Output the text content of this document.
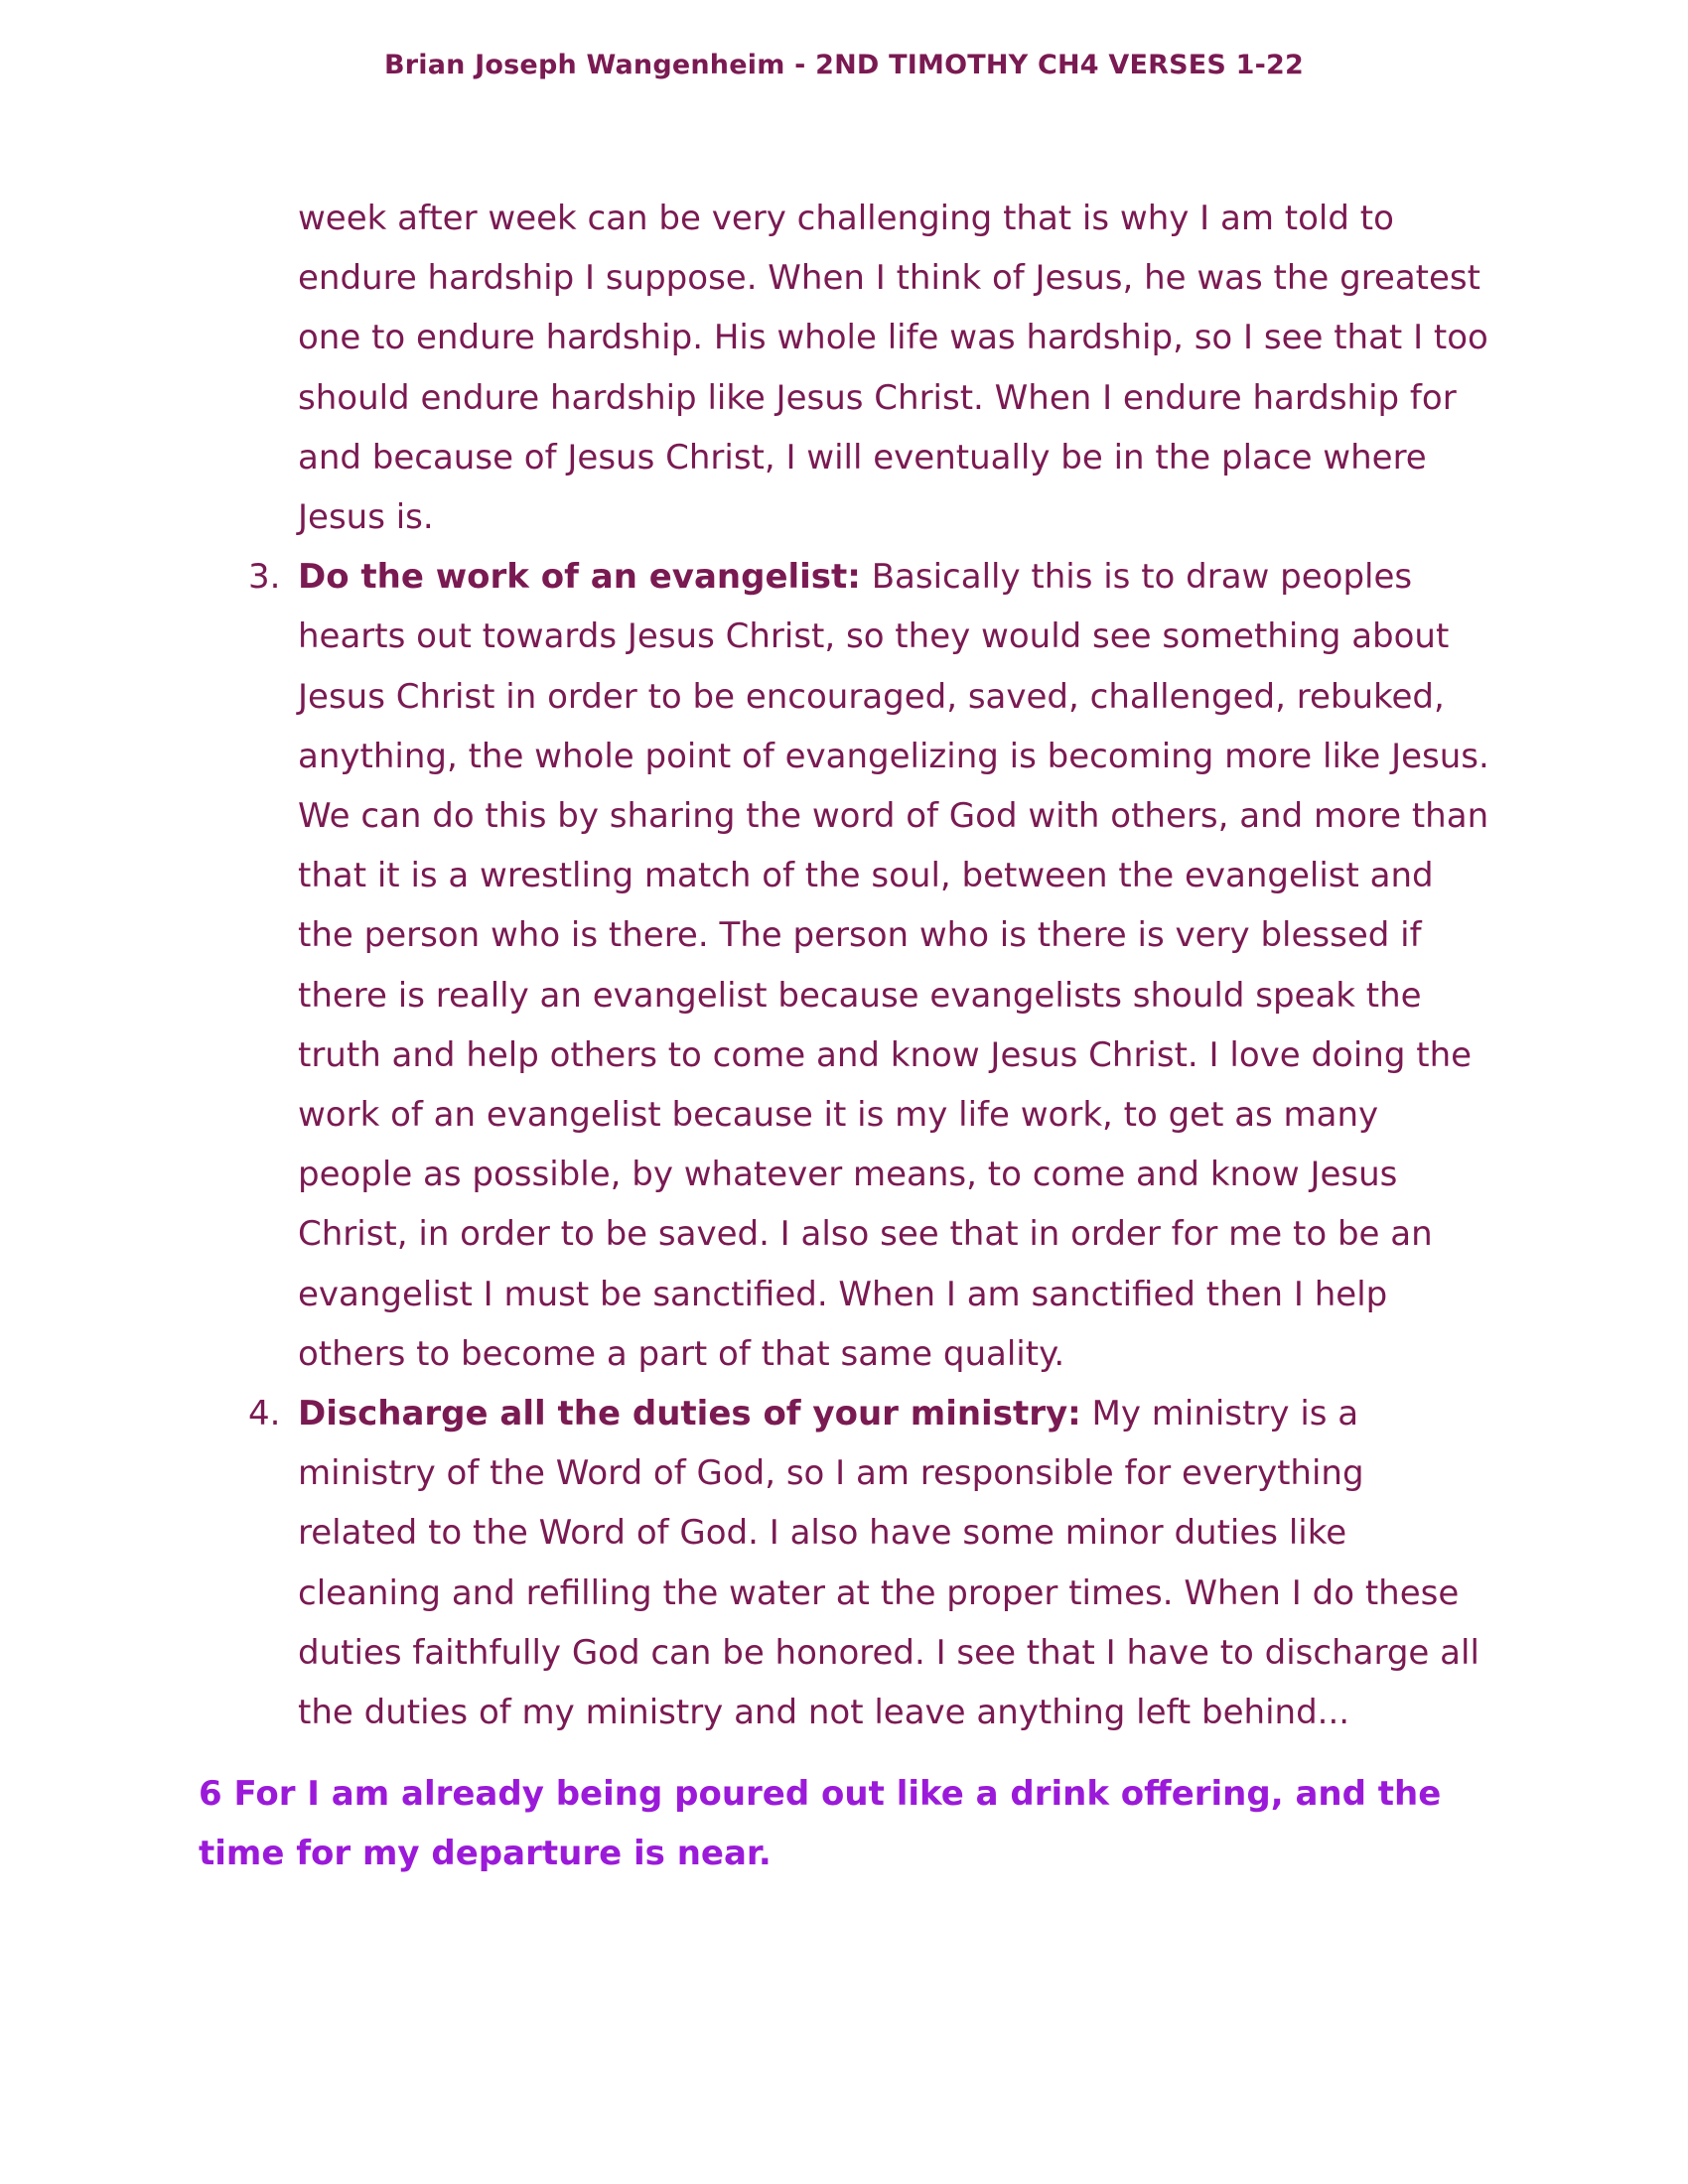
Brian Joseph Wangenheim - 2ND TIMOTHY CH4 VERSES 1-22

week after week can be very challenging that is why I am told to endure hardship I suppose. When I think of Jesus, he was the greatest one to endure hardship. His whole life was hardship, so I see that I too should endure hardship like Jesus Christ. When I endure hardship for and because of Jesus Christ, I will eventually be in the place where Jesus is.

3. Do the work of an evangelist: Basically this is to draw peoples hearts out towards Jesus Christ, so they would see something about Jesus Christ in order to be encouraged, saved, challenged, rebuked, anything, the whole point of evangelizing is becoming more like Jesus. We can do this by sharing the word of God with others, and more than that it is a wrestling match of the soul, between the evangelist and the person who is there. The person who is there is very blessed if there is really an evangelist because evangelists should speak the truth and help others to come and know Jesus Christ. I love doing the work of an evangelist because it is my life work, to get as many people as possible, by whatever means, to come and know Jesus Christ, in order to be saved. I also see that in order for me to be an evangelist I must be sanctified. When I am sanctified then I help others to become a part of that same quality.

4. Discharge all the duties of your ministry: My ministry is a ministry of the Word of God, so I am responsible for everything related to the Word of God. I also have some minor duties like cleaning and refilling the water at the proper times. When I do these duties faithfully God can be honored. I see that I have to discharge all the duties of my ministry and not leave anything left behind...

6 For I am already being poured out like a drink offering, and the time for my departure is near.
